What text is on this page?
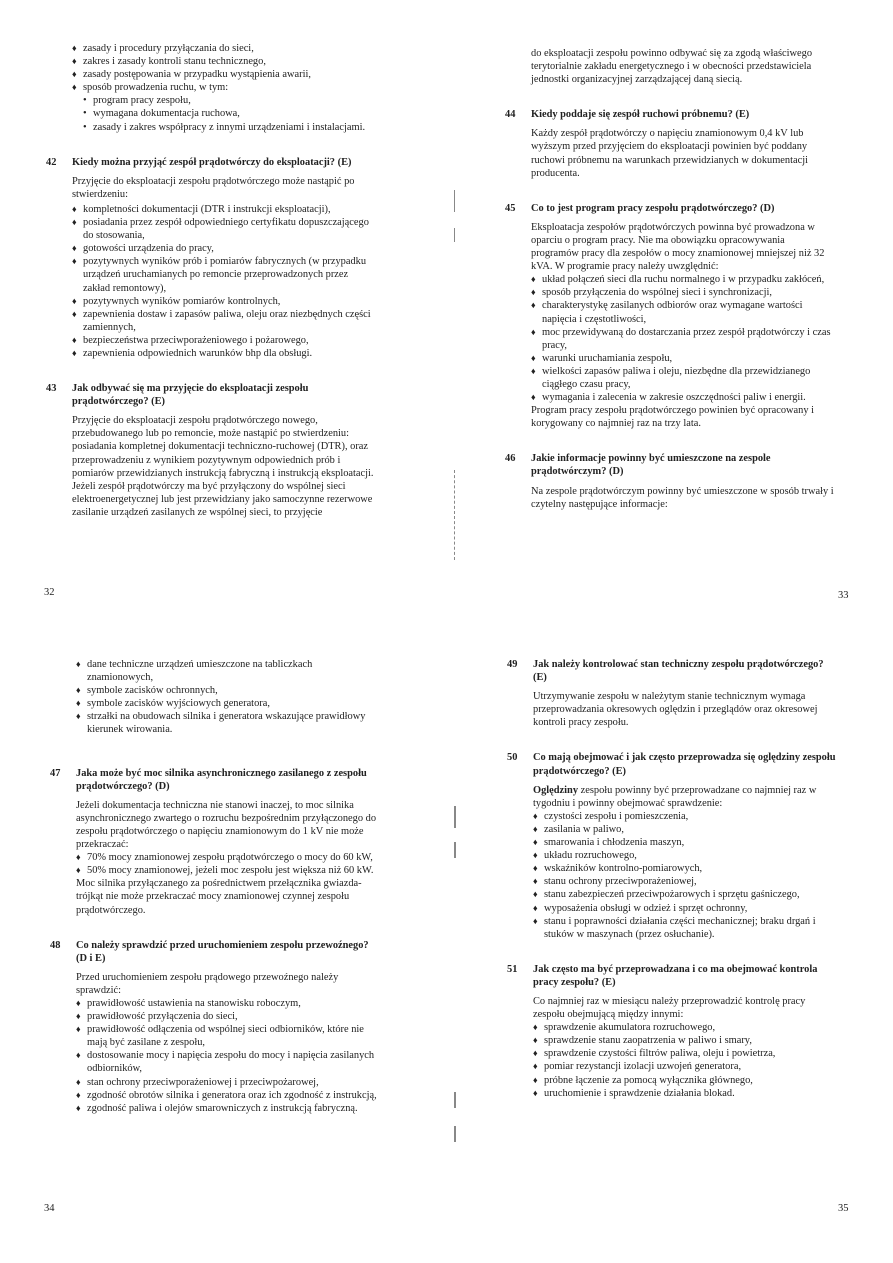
♦ zasady i procedury przyłączania do sieci,
♦ zakres i zasady kontroli stanu technicznego,
♦ zasady postępowania w przypadku wystąpienia awarii,
♦ sposób prowadzenia ruchu, w tym:
• program pracy zespołu,
• wymagana dokumentacja ruchowa,
• zasady i zakres współpracy z innymi urządzeniami i instalacjami.
42	Kiedy można przyjąć zespół prądotwórczy do eksploatacji? (E)
Przyjęcie do eksploatacji zespołu prądotwórczego może nastąpić po stwierdzeniu:
♦ kompletności dokumentacji (DTR i instrukcji eksploatacji),
♦ posiadania przez zespół odpowiedniego certyfikatu dopuszczającego do stosowania,
♦ gotowości urządzenia do pracy,
♦ pozytywnych wyników prób i pomiarów fabrycznych (w przypadku urządzeń uruchamianych po remoncie przeprowadzonych przez zakład remontowy),
♦ pozytywnych wyników pomiarów kontrolnych,
♦ zapewnienia dostaw i zapasów paliwa, oleju oraz niezbędnych części zamiennych,
♦ bezpieczeństwa przeciwporażeniowego i pożarowego,
♦ zapewnienia odpowiednich warunków bhp dla obsługi.
43	Jak odbywać się ma przyjęcie do eksploatacji zespołu prądotwórczego? (E)
Przyjęcie do eksploatacji zespołu prądotwórczego nowego, przebudowanego lub po remoncie, może nastąpić po stwierdzeniu: posiadania kompletnej dokumentacji techniczno-ruchowej (DTR), oraz przeprowadzeniu z wynikiem pozytywnym odpowiednich prób i pomiarów przewidzianych instrukcją fabryczną i instrukcją eksploatacji.
Jeżeli zespół prądotwórczy ma być przyłączony do wspólnej sieci elektroenergetycznej lub jest przewidziany jako samoczynne rezerwowe zasilanie urządzeń zasilanych ze wspólnej sieci, to przyjęcie
32
do eksploatacji zespołu powinno odbywać się za zgodą właściwego terytorialnie zakładu energetycznego i w obecności przedstawiciela jednostki organizacyjnej zarządzającej daną siecią.
44	Kiedy poddaje się zespół ruchowi próbnemu? (E)
Każdy zespół prądotwórczy o napięciu znamionowym 0,4 kV lub wyższym przed przyjęciem do eksploatacji powinien być poddany ruchowi próbnemu na warunkach przewidzianych w dokumentacji producenta.
45	Co to jest program pracy zespołu prądotwórczego? (D)
Eksploatacja zespołów prądotwórczych powinna być prowadzona w oparciu o program pracy. Nie ma obowiązku opracowywania programów pracy dla zespołów o mocy znamionowej mniejszej niż 32 kVA. W programie pracy należy uwzględnić:
♦ układ połączeń sieci dla ruchu normalnego i w przypadku zakłóceń,
♦ sposób przyłączenia do wspólnej sieci i synchronizacji,
♦ charakterystykę zasilanych odbiorów oraz wymagane wartości napięcia i częstotliwości,
♦ moc przewidywaną do dostarczania przez zespół prądotwórczy i czas pracy,
♦ warunki uruchamiania zespołu,
♦ wielkości zapasów paliwa i oleju, niezbędne dla przewidzianego ciągłego czasu pracy,
♦ wymagania i zalecenia w zakresie oszczędności paliw i energii.
Program pracy zespołu prądotwórczego powinien być opracowany i korygowany co najmniej raz na trzy lata.
46	Jakie informacje powinny być umieszczone na zespole prądotwórczym? (D)
Na zespole prądotwórczym powinny być umieszczone w sposób trwały i czytelny następujące informacje:
33
♦ dane techniczne urządzeń umieszczone na tabliczkach znamionowych,
♦ symbole zacisków ochronnych,
♦ symbole zacisków wyjściowych generatora,
♦ strzałki na obudowach silnika i generatora wskazujące prawidłowy kierunek wirowania.
47	Jaka może być moc silnika asynchronicznego zasilanego z zespołu prądotwórczego? (D)
Jeżeli dokumentacja techniczna nie stanowi inaczej, to moc silnika asynchronicznego zwartego o rozruchu bezpośrednim przyłączonego do zespołu prądotwórczego o napięciu znamionowym do 1 kV nie może przekraczać:
♦ 70% mocy znamionowej zespołu prądotwórczego o mocy do 60 kW,
♦ 50% mocy znamionowej, jeżeli moc zespołu jest większa niż 60 kW.
Moc silnika przyłączanego za pośrednictwem przełącznika gwiazda-trójkąt nie może przekraczać mocy znamionowej czynnej zespołu prądotwórczego.
48	Co należy sprawdzić przed uruchomieniem zespołu przewoźnego? (D i E)
Przed uruchomieniem zespołu prądowego przewoźnego należy sprawdzić:
♦ prawidłowość ustawienia na stanowisku roboczym,
♦ prawidłowość przyłączenia do sieci,
♦ prawidłowość odłączenia od wspólnej sieci odbiorników, które nie mają być zasilane z zespołu,
♦ dostosowanie mocy i napięcia zespołu do mocy i napięcia zasilanych odbiorników,
♦ stan ochrony przeciwporażeniowej i przeciwpożarowej,
♦ zgodność obrotów silnika i generatora oraz ich zgodność z instrukcją,
♦ zgodność paliwa i olejów smarowniczych z instrukcją fabryczną.
34
49	Jak należy kontrolować stan techniczny zespołu prądotwórczego? (E)
Utrzymywanie zespołu w należytym stanie technicznym wymaga przeprowadzania okresowych oględzin i przeglądów oraz okresowej kontroli pracy zespołu.
50	Co mają obejmować i jak często przeprowadza się oględziny zespołu prądotwórczego? (E)
Oględziny zespołu powinny być przeprowadzane co najmniej raz w tygodniu i powinny obejmować sprawdzenie:
♦ czystości zespołu i pomieszczenia,
♦ zasilania w paliwo,
♦ smarowania i chłodzenia maszyn,
♦ układu rozruchowego,
♦ wskaźników kontrolno-pomiarowych,
♦ stanu ochrony przeciwporażeniowej,
♦ stanu zabezpieczeń przeciwpożarowych i sprzętu gaśniczego,
♦ wyposażenia obsługi w odzież i sprzęt ochronny,
♦ stanu i poprawności działania części mechanicznej; braku drgań i stuków w maszynach (przez osłuchanie).
51	Jak często ma być przeprowadzana i co ma obejmować kontrola pracy zespołu? (E)
Co najmniej raz w miesiącu należy przeprowadzić kontrolę pracy zespołu obejmującą między innymi:
♦ sprawdzenie akumulatora rozruchowego,
♦ sprawdzenie stanu zaopatrzenia w paliwo i smary,
♦ sprawdzenie czystości filtrów paliwa, oleju i powietrza,
♦ pomiar rezystancji izolacji uzwojeń generatora,
♦ próbne łączenie za pomocą wyłącznika głównego,
♦ uruchomienie i sprawdzenie działania blokad.
35
